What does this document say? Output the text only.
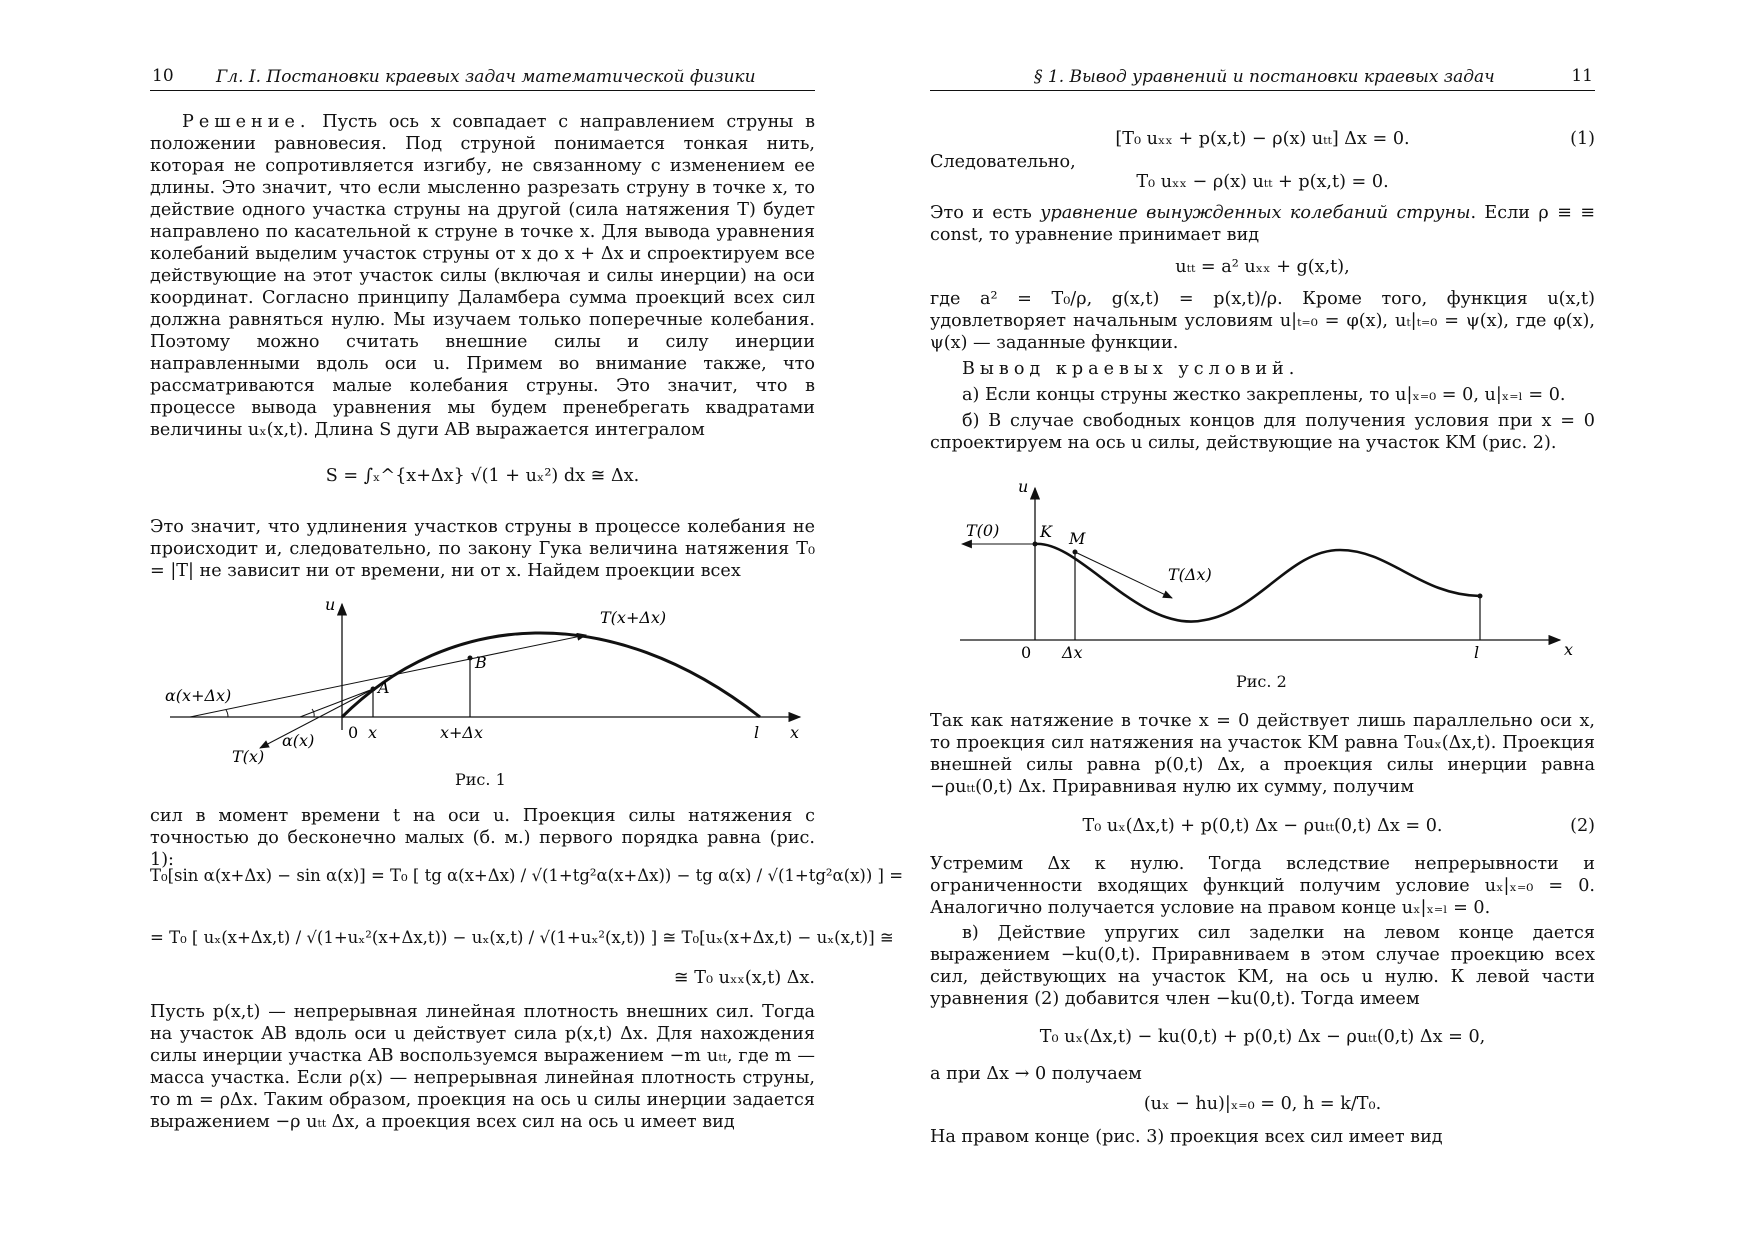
10 Гл. I. Постановки краевых задач математической физики

Решение. Пусть ось x совпадает с направлением струны в положении равновесия. Под струной понимается тонкая нить, которая не сопротивляется изгибу, не связанному с изменением ее длины. Это значит, что если мысленно разрезать струну в точке x, то действие одного участка струны на другой (сила натяжения T) будет направлено по касательной к струне в точке x. Для вывода уравнения колебаний выделим участок струны от x до x + Δx и спроектируем все действующие на этот участок силы (включая и силы инерции) на оси координат. Согласно принципу Даламбера сумма проекций всех сил должна равняться нулю. Мы изучаем только поперечные колебания. Поэтому можно считать внешние силы и силу инерции направленными вдоль оси u. Примем во внимание также, что рассматриваются малые колебания струны. Это значит, что в процессе вывода уравнения мы будем пренебрегать квадратами величины uₓ(x,t). Длина S дуги AB выражается интегралом

S = ∫ₓ^{x+Δx} √(1 + uₓ²) dx ≅ Δx.
Это значит, что удлинения участков струны в процессе колебания не происходит и, следовательно, по закону Гука величина натяжения T₀ = |T| не зависит ни от времени, ни от x. Найдем проекции всех
u
x
0 x	x+Δx	l
A
B
T(x+Δx)
T(x)
α(x+Δx)
α(x)
Рис. 1
сил в момент времени t на оси u. Проекция силы натяжения с точностью до бесконечно малых (б. м.) первого порядка равна (рис. 1):
T₀[sin α(x+Δx) − sin α(x)] = T₀ [ tg α(x+Δx) / √(1+tg²α(x+Δx)) − tg α(x) / √(1+tg²α(x)) ] =
= T₀ [ uₓ(x+Δx,t) / √(1+uₓ²(x+Δx,t)) − uₓ(x,t) / √(1+uₓ²(x,t)) ] ≅ T₀[uₓ(x+Δx,t) − uₓ(x,t)] ≅
≅ T₀ uₓₓ(x,t) Δx.
Пусть p(x,t) — непрерывная линейная плотность внешних сил. Тогда на участок AB вдоль оси u действует сила p(x,t) Δx. Для нахождения силы инерции участка AB воспользуемся выражением −m uₜₜ, где m — масса участка. Если ρ(x) — непрерывная линейная плотность струны, то m = ρΔx. Таким образом, проекция на ось u силы инерции задается выражением −ρ uₜₜ Δx, а проекция всех сил на ось u имеет вид
§ 1. Вывод уравнений и постановки краевых задач	11
[T₀ uₓₓ + p(x,t) − ρ(x) uₜₜ] Δx = 0.	(1)
Следовательно,
T₀ uₓₓ − ρ(x) uₜₜ + p(x,t) = 0.

Это и есть уравнение вынужденных колебаний струны. Если ρ ≡ ≡ const, то уравнение принимает вид

uₜₜ = a² uₓₓ + g(x,t),
где a² = T₀/ρ, g(x,t) = p(x,t)/ρ. Кроме того, функция u(x,t) удовлетворяет начальным условиям u|ₜ₌₀ = φ(x), uₜ|ₜ₌₀ = ψ(x), где φ(x), ψ(x) — заданные функции.

Вывод краевых условий.

а) Если концы струны жестко закреплены, то u|ₓ₌₀ = 0, u|ₓ₌ₗ = 0.
б) В случае свободных концов для получения условия при x = 0 спроектируем на ось u силы, действующие на участок KM (рис. 2).
u
x
0 Δx	l
K M
T(0)
T(Δx)
Рис. 2
Так как натяжение в точке x = 0 действует лишь параллельно оси x, то проекция сил натяжения на участок KM равна T₀uₓ(Δx,t). Проекция внешней силы равна p(0,t) Δx, а проекция силы инерции равна −ρuₜₜ(0,t) Δx. Приравнивая нулю их сумму, получим
T₀ uₓ(Δx,t) + p(0,t) Δx − ρuₜₜ(0,t) Δx = 0.	(2)
Устремим Δx к нулю. Тогда вследствие непрерывности и ограниченности входящих функций получим условие uₓ|ₓ₌₀ = 0. Аналогично получается условие на правом конце uₓ|ₓ₌ₗ = 0.
в) Действие упругих сил заделки на левом конце дается выражением −ku(0,t). Приравниваем в этом случае проекцию всех сил, действующих на участок KM, на ось u нулю. К левой части уравнения (2) добавится член −ku(0,t). Тогда имеем
T₀ uₓ(Δx,t) − ku(0,t) + p(0,t) Δx − ρuₜₜ(0,t) Δx = 0,
а при Δx → 0 получаем
(uₓ − hu)|ₓ₌₀ = 0, h = k/T₀.
На правом конце (рис. 3) проекция всех сил имеет вид
